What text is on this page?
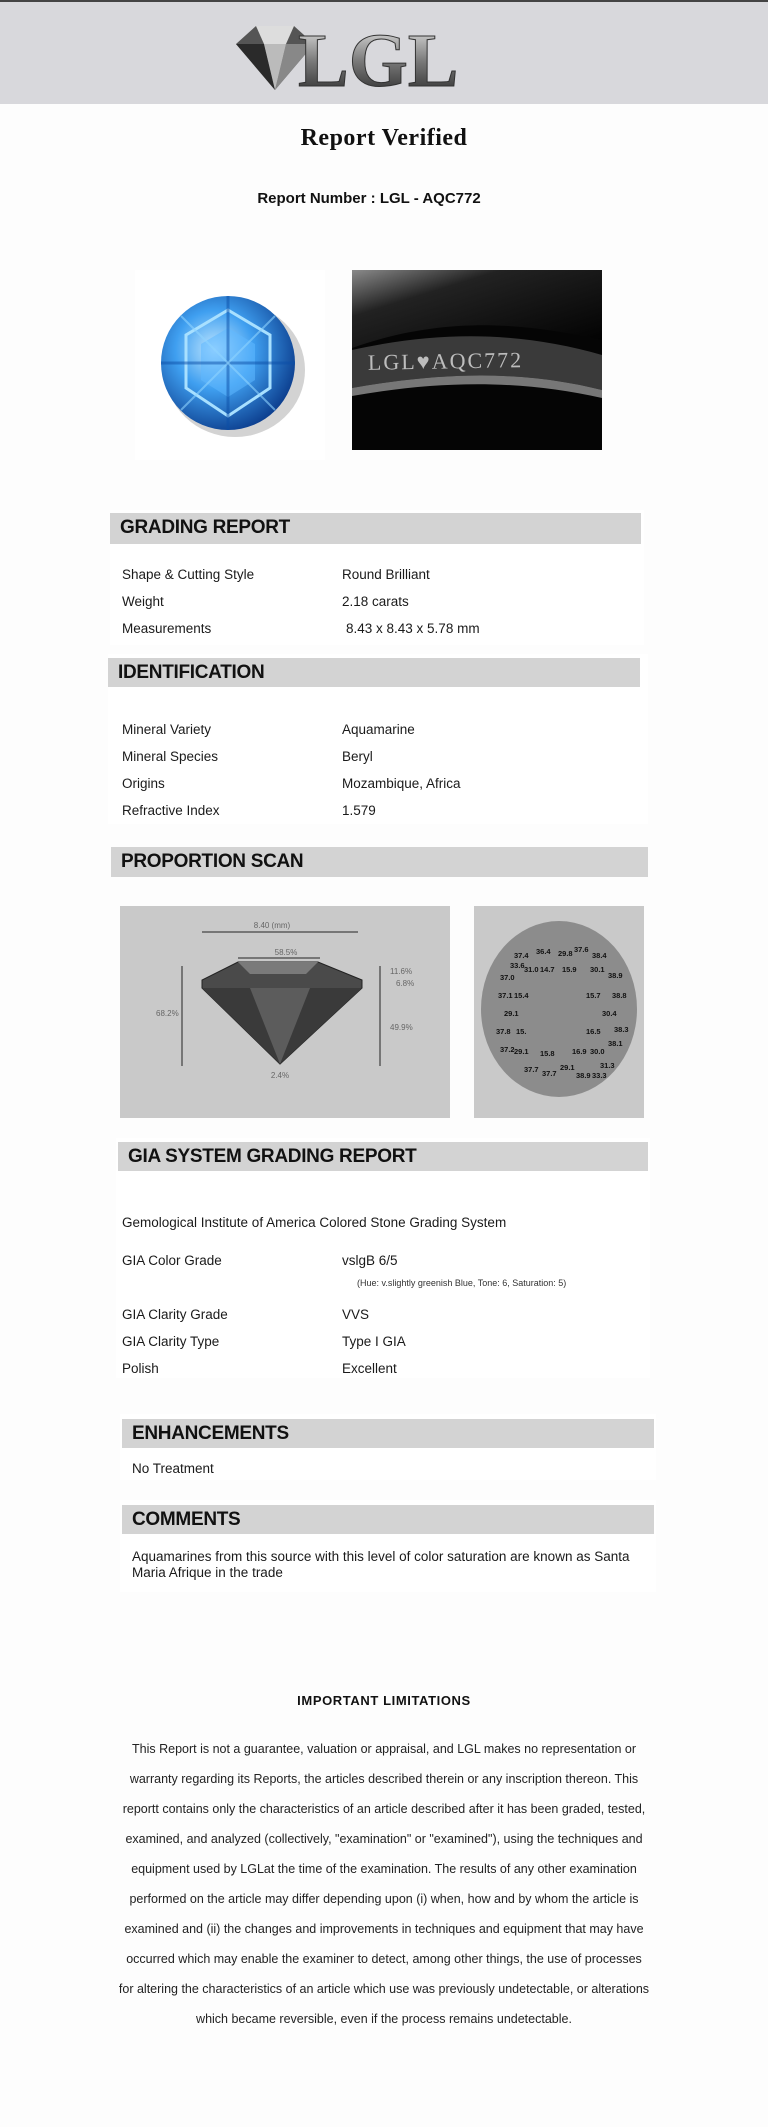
LGL
Report Verified
Report Number : LGL - AQC772
LGL♥AQC772
GRADING REPORT
Shape & Cutting Style	Round Brilliant
Weight	2.18 carats
Measurements	8.43 x 8.43 x 5.78 mm
IDENTIFICATION
Mineral Variety	Aquamarine
Mineral Species	Beryl
Origins	Mozambique, Africa
Refractive Index	1.579
PROPORTION SCAN
8.40 (mm)
58.5%
68.2%
11.6%
6.8%
49.9%
2.4%
37.4 36.4 29.8 37.6
38.4
33.6 31.0 14.7 15.9 30.1
38.9
37.0
37.1 15.4	15.7 38.8
29.1	30.4
37.8 15.	16.5 38.3
37.2 29.1 15.8 16.9 30.0
31.3
37.7 37.7
29.1
38.9 33.3
38.1
GIA SYSTEM GRADING REPORT
Gemological Institute of America Colored Stone Grading System
GIA Color Grade	vslgB 6/5
(Hue: v.slightly greenish Blue, Tone: 6, Saturation: 5)
GIA Clarity Grade	VVS
GIA Clarity Type	Type I GIA
Polish	Excellent
ENHANCEMENTS
No Treatment
COMMENTS
Aquamarines from this source with this level of color saturation are known as Santa Maria Afrique in the trade
IMPORTANT LIMITATIONS
This Report is not a guarantee, valuation or appraisal, and LGL makes no representation or warranty regarding its Reports, the articles described therein or any inscription thereon. This reportt contains only the characteristics of an article described after it has been graded, tested, examined, and analyzed (collectively, "examination" or "examined"), using the techniques and equipment used by LGLat the time of the examination. The results of any other examination performed on the article may differ depending upon (i) when, how and by whom the article is examined and (ii) the changes and improvements in techniques and equipment that may have occurred which may enable the examiner to detect, among other things, the use of processes for altering the characteristics of an article which use was previously undetectable, or alterations which became reversible, even if the process remains undetectable.
